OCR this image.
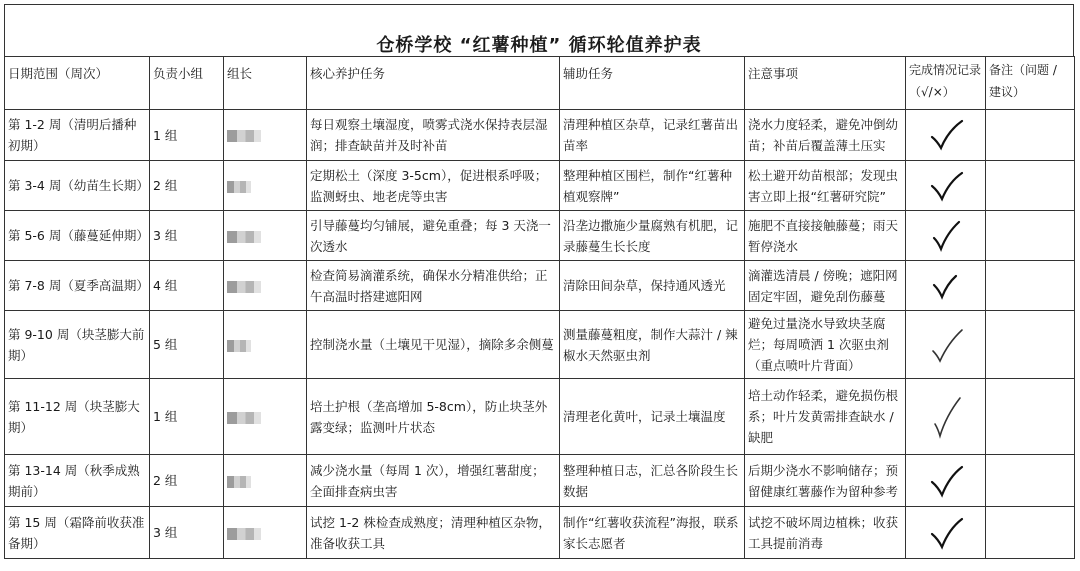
仓桥学校 “红薯种植” 循环轮值养护表
日期范围（周次）	负责小组	组长	核心养护任务	辅助任务	注意事项	完成情况记录（√/×）	备注（问题 / 建议）
第 1-2 周（清明后播种初期）	1 组		每日观察土壤湿度，喷雾式浇水保持表层湿润；排查缺苗并及时补苗	清理种植区杂草，记录红薯苗出苗率	浇水力度轻柔，避免冲倒幼苗；补苗后覆盖薄土压实	

第 3-4 周（幼苗生长期）	2 组		定期松土（深度 3-5cm），促进根系呼吸；监测蚜虫、地老虎等虫害	整理种植区围栏，制作“红薯种植观察牌”	松土避开幼苗根部；发现虫害立即上报“红薯研究院”	

第 5-6 周（藤蔓延伸期）	3 组		引导藤蔓均匀铺展，避免重叠；每 3 天浇一次透水	沿垄边撒施少量腐熟有机肥，记录藤蔓生长长度	施肥不直接接触藤蔓；雨天暂停浇水	

第 7-8 周（夏季高温期）	4 组		检查简易滴灌系统，确保水分精准供给；正午高温时搭建遮阳网	清除田间杂草，保持通风透光	滴灌选清晨 / 傍晚；遮阳网固定牢固，避免刮伤藤蔓	

第 9-10 周（块茎膨大前期）	5 组		控制浇水量（土壤见干见湿），摘除多余侧蔓	测量藤蔓粗度，制作大蒜汁 / 辣椒水天然驱虫剂	避免过量浇水导致块茎腐烂；每周喷洒 1 次驱虫剂（重点喷叶片背面）	

第 11-12 周（块茎膨大期）	1 组		培土护根（垄高增加 5-8cm），防止块茎外露变绿；监测叶片状态	清理老化黄叶，记录土壤温度	培土动作轻柔，避免损伤根系；叶片发黄需排查缺水 / 缺肥	

第 13-14 周（秋季成熟期前）	2 组		减少浇水量（每周 1 次），增强红薯甜度；全面排查病虫害	整理种植日志，汇总各阶段生长数据	后期少浇水不影响储存；预留健康红薯藤作为留种参考	

第 15 周（霜降前收获准备期）	3 组		试挖 1-2 株检查成熟度；清理种植区杂物，准备收获工具	制作“红薯收获流程”海报，联系家长志愿者	试挖不破坏周边植株；收获工具提前消毒	
